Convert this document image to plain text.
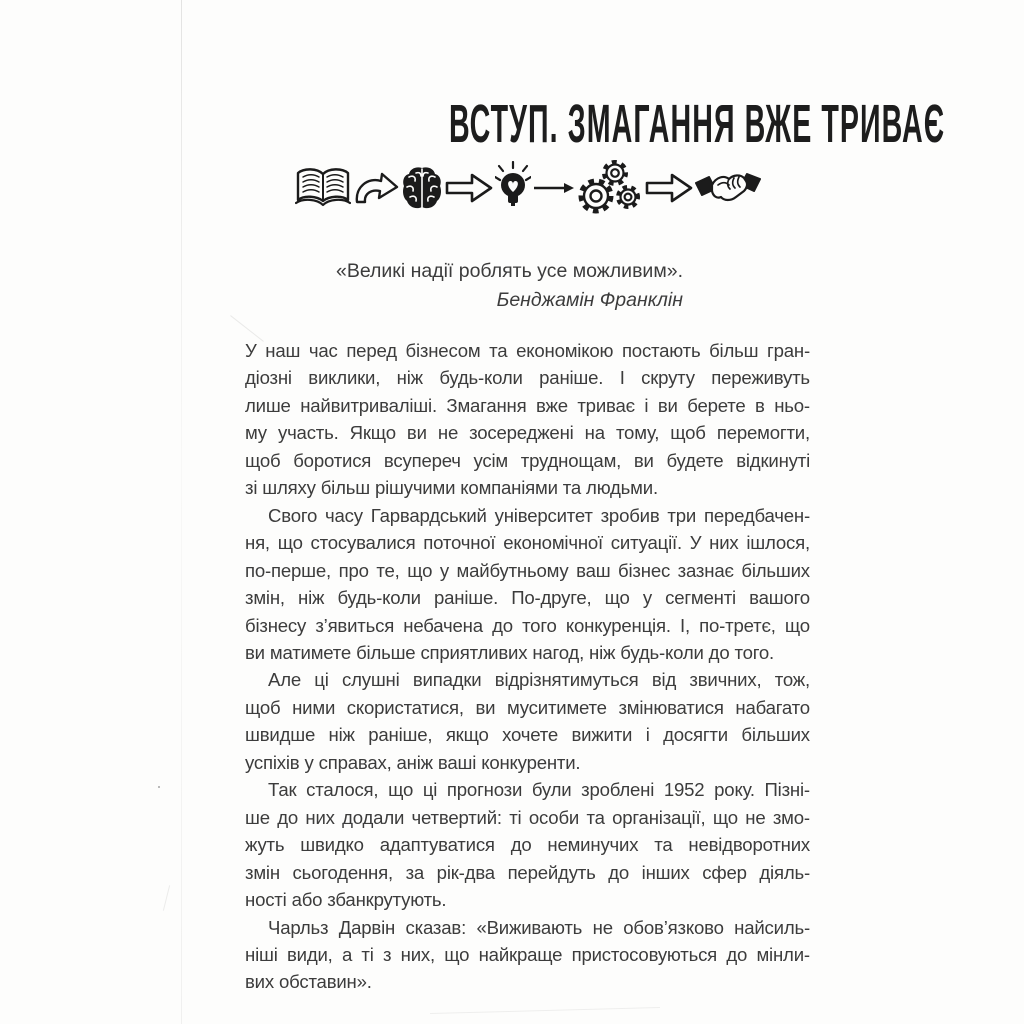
ВСТУП. ЗМАГАННЯ ВЖЕ ТРИВАЄ
«Великі надії роблять усе можливим».
Бенджамін Франклін
У наш час перед бізнесом та економікою постають більш гран-
діозні виклики, ніж будь-коли раніше. І скруту переживуть
лише найвитриваліші. Змагання вже триває і ви берете в ньо-
му участь. Якщо ви не зосереджені на тому, щоб перемогти,
щоб боротися всупереч усім труднощам, ви будете відкинуті
зі шляху більш рішучими компаніями та людьми.
Свого часу Гарвардський університет зробив три передбачен-
ня, що стосувалися поточної економічної ситуації. У них ішлося,
по-перше, про те, що у майбутньому ваш бізнес зазнає більших
змін, ніж будь-коли раніше. По-друге, що у сегменті вашого
бізнесу з’явиться небачена до того конкуренція. І, по-третє, що
ви матимете більше сприятливих нагод, ніж будь-коли до того.
Але ці слушні випадки відрізнятимуться від звичних, тож,
щоб ними скористатися, ви муситимете змінюватися набагато
швидше ніж раніше, якщо хочете вижити і досягти більших
успіхів у справах, аніж ваші конкуренти.
Так сталося, що ці прогнози були зроблені 1952 року. Пізні-
ше до них додали четвертий: ті особи та організації, що не змо-
жуть швидко адаптуватися до неминучих та невідворотних
змін сьогодення, за рік-два перейдуть до інших сфер діяль-
ності або збанкрутують.
Чарльз Дарвін сказав: «Виживають не обов’язково найсиль-
ніші види, а ті з них, що найкраще пристосовуються до мінли-
вих обставин».
